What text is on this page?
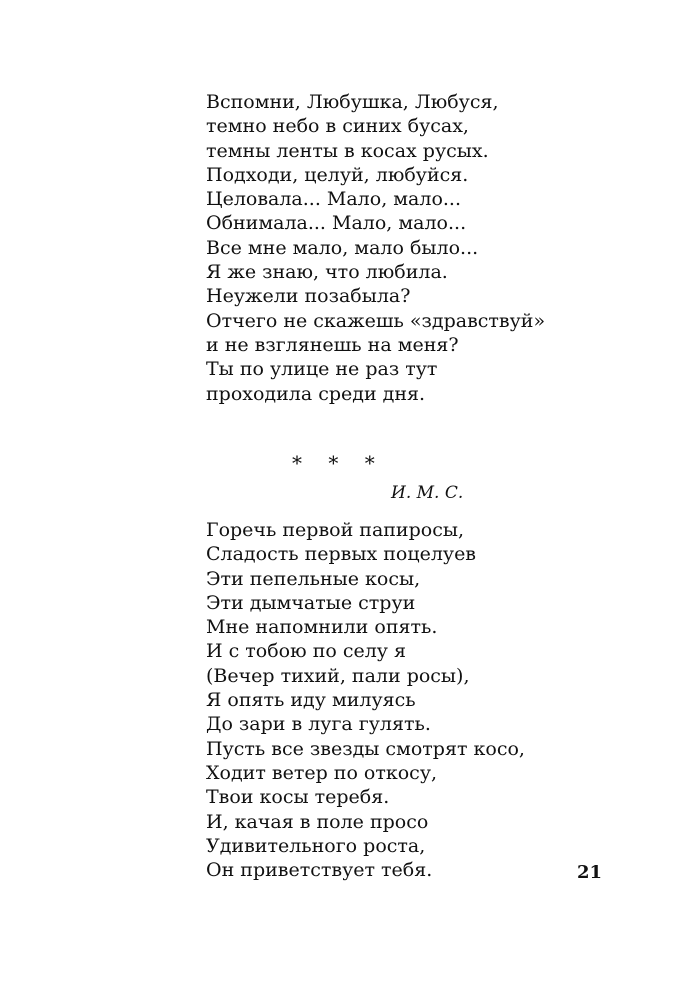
Вспомни, Любушка, Любуся,
темно небо в синих бусах,
темны ленты в косах русых.
Подходи, целуй, любуйся.
Целовала... Мало, мало...
Обнимала... Мало, мало...
Все мне мало, мало было...
Я же знаю, что любила.
Неужели позабыла?
Отчего не скажешь «здравствуй»
и не взглянешь на меня?
Ты по улице не раз тут
проходила среди дня.
* * *
И. М. С.
Горечь первой папиросы,
Сладость первых поцелуев
Эти пепельные косы,
Эти дымчатые струи
Мне напомнили опять.
И с тобою по селу я
(Вечер тихий, пали росы),
Я опять иду милуясь
До зари в луга гулять.
Пусть все звезды смотрят косо,
Ходит ветер по откосу,
Твои косы теребя.
И, качая в поле просо
Удивительного роста,
Он приветствует тебя.	21
